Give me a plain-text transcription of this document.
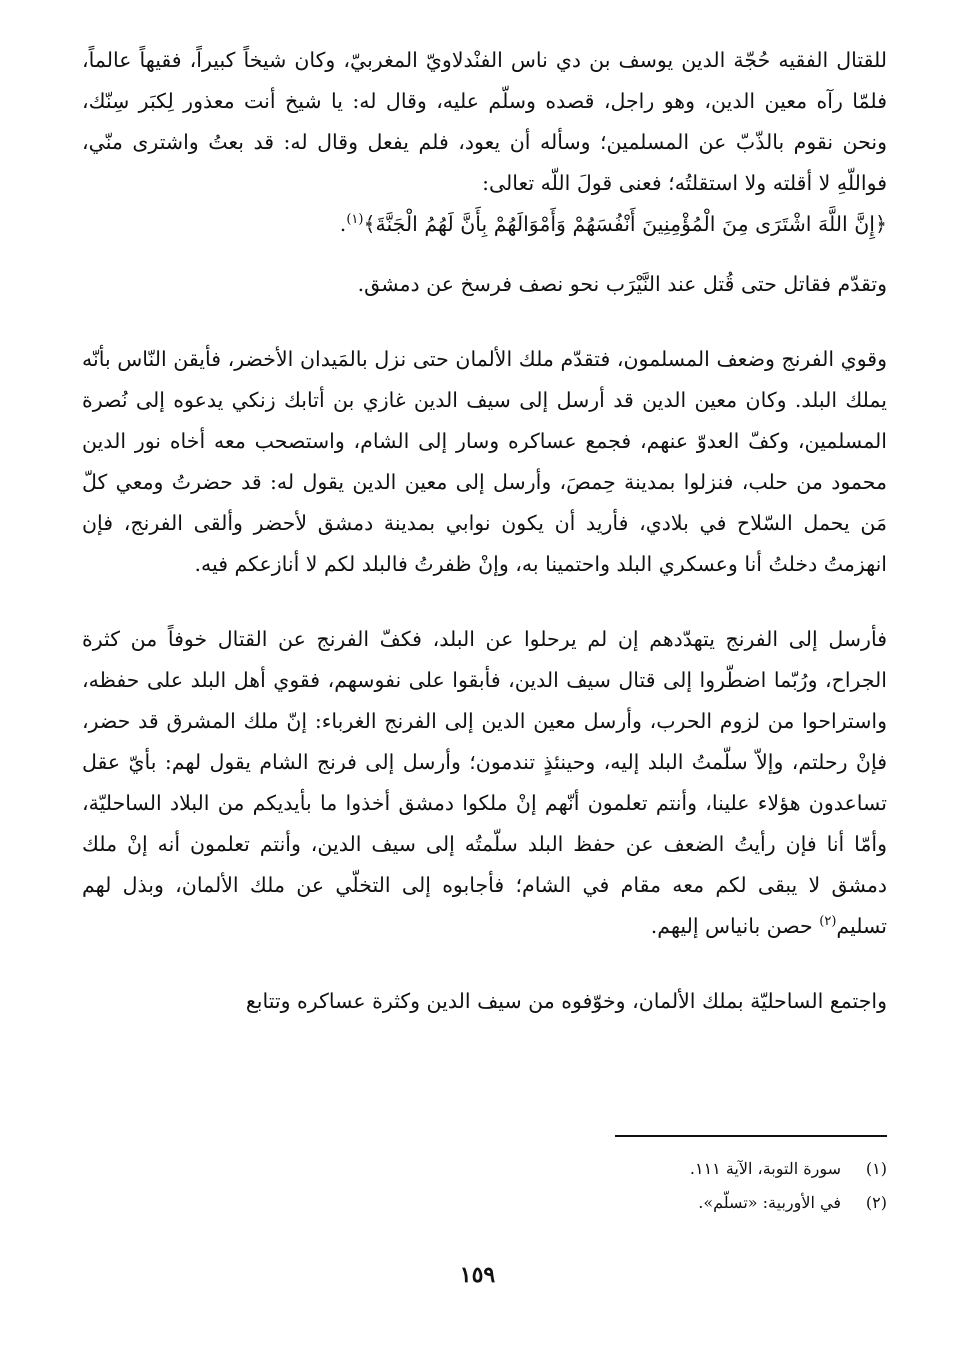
للقتال الفقيه حُجّة الدين يوسف بن دي ناس الفنْدلاويّ المغربيّ، وكان شيخاً كبيراً، فقيهاً عالماً، فلمّا رآه معين الدين، وهو راجل، قصده وسلّم عليه، وقال له: يا شيخ أنت معذور لِكبَر سِنّك، ونحن نقوم بالذّبّ عن المسلمين؛ وسأله أن يعود، فلم يفعل وقال له: قد بعتُ واشترى منّي، فواللّهِ لا أقلته ولا استقلتُه؛ فعنى قولَ اللّه تعالى:
﴿إِنَّ اللَّهَ اشْتَرَى مِنَ الْمُؤْمِنِينَ أَنْفُسَهُمْ وَأَمْوَالَهُمْ بِأَنَّ لَهُمُ الْجَنَّةَ﴾$^{(١)}$.

وتقدّم فقاتل حتى قُتل عند النَّيْرَب نحو نصف فرسخ عن دمشق.

وقوي الفرنج وضعف المسلمون، فتقدّم ملك الألمان حتى نزل بالمَيدان الأخضر، فأيقن النّاس بأنّه يملك البلد. وكان معين الدين قد أرسل إلى سيف الدين غازي بن أتابك زنكي يدعوه إلى نُصرة المسلمين، وكفّ العدوّ عنهم، فجمع عساكره وسار إلى الشام، واستصحب معه أخاه نور الدين محمود من حلب، فنزلوا بمدينة حِمصَ، وأرسل إلى معين الدين يقول له: قد حضرتُ ومعي كلّ مَن يحمل السّلاح في بلادي، فأريد أن يكون نوابي بمدينة دمشق لأحضر وألقى الفرنج، فإن انهزمتُ دخلتُ أنا وعسكري البلد واحتمينا به، وإنْ ظفرتُ فالبلد لكم لا أنازعكم فيه.

فأرسل إلى الفرنج يتهدّدهم إن لم يرحلوا عن البلد، فكفّ الفرنج عن القتال خوفاً من كثرة الجراح، ورُبّما اضطّروا إلى قتال سيف الدين، فأبقوا على نفوسهم، فقوي أهل البلد على حفظه، واستراحوا من لزوم الحرب، وأرسل معين الدين إلى الفرنج الغرباء: إنّ ملك المشرق قد حضر، فإنْ رحلتم، وإلاّ سلّمتُ البلد إليه، وحينئذٍ تندمون؛ وأرسل إلى فرنج الشام يقول لهم: بأيّ عقل تساعدون هؤلاء علينا، وأنتم تعلمون أنّهم إنْ ملكوا دمشق أخذوا ما بأيديكم من البلاد الساحليّة، وأمّا أنا فإن رأيتُ الضعف عن حفظ البلد سلّمتُه إلى سيف الدين، وأنتم تعلمون أنه إنْ ملك دمشق لا يبقى لكم معه مقام في الشام؛ فأجابوه إلى التخلّي عن ملك الألمان، وبذل لهم تسليم$^{(٢)}$ حصن بانياس إليهم.

واجتمع الساحليّة بملك الألمان، وخوّفوه من سيف الدين وكثرة عساكره وتتابع

(١)سورة التوبة، الآية ١١١.

(٢)في الأوربية: «تسلّم».

١٥٩
